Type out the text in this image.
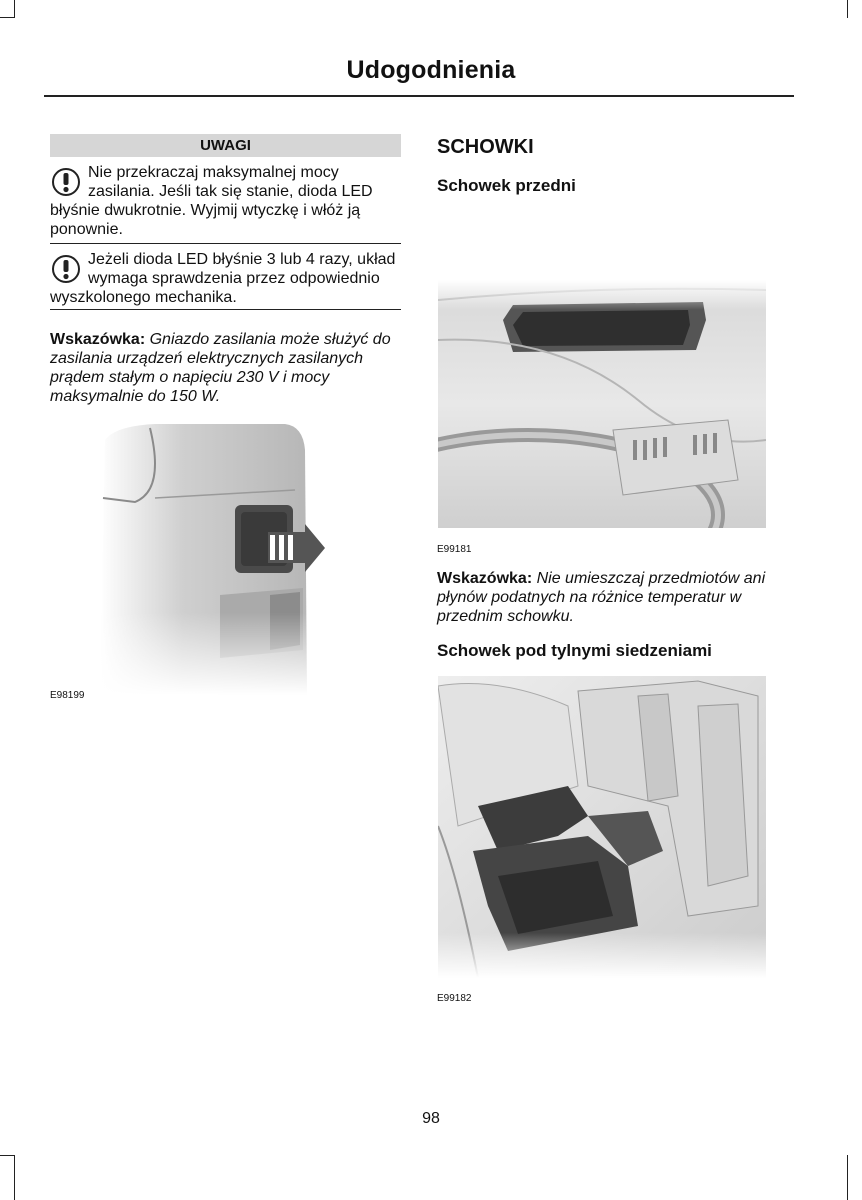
Udogodnienia
UWAGI
Nie przekraczaj maksymalnej mocy zasilania. Jeśli tak się stanie, dioda LED błyśnie dwukrotnie. Wyjmij wtyczkę i włóż ją ponownie.
Jeżeli dioda LED błyśnie 3 lub 4 razy, układ wymaga sprawdzenia przez odpowiednio wyszkolonego mechanika.
Wskazówka: Gniazdo zasilania może służyć do zasilania urządzeń elektrycznych zasilanych prądem stałym o napięciu 230 V i mocy maksymalnie do 150 W.
E98199
SCHOWKI
Schowek przedni
E99181
Wskazówka: Nie umieszczaj przedmiotów ani płynów podatnych na różnice temperatur w przednim schowku.
Schowek pod tylnymi siedzeniami
E99182
98
